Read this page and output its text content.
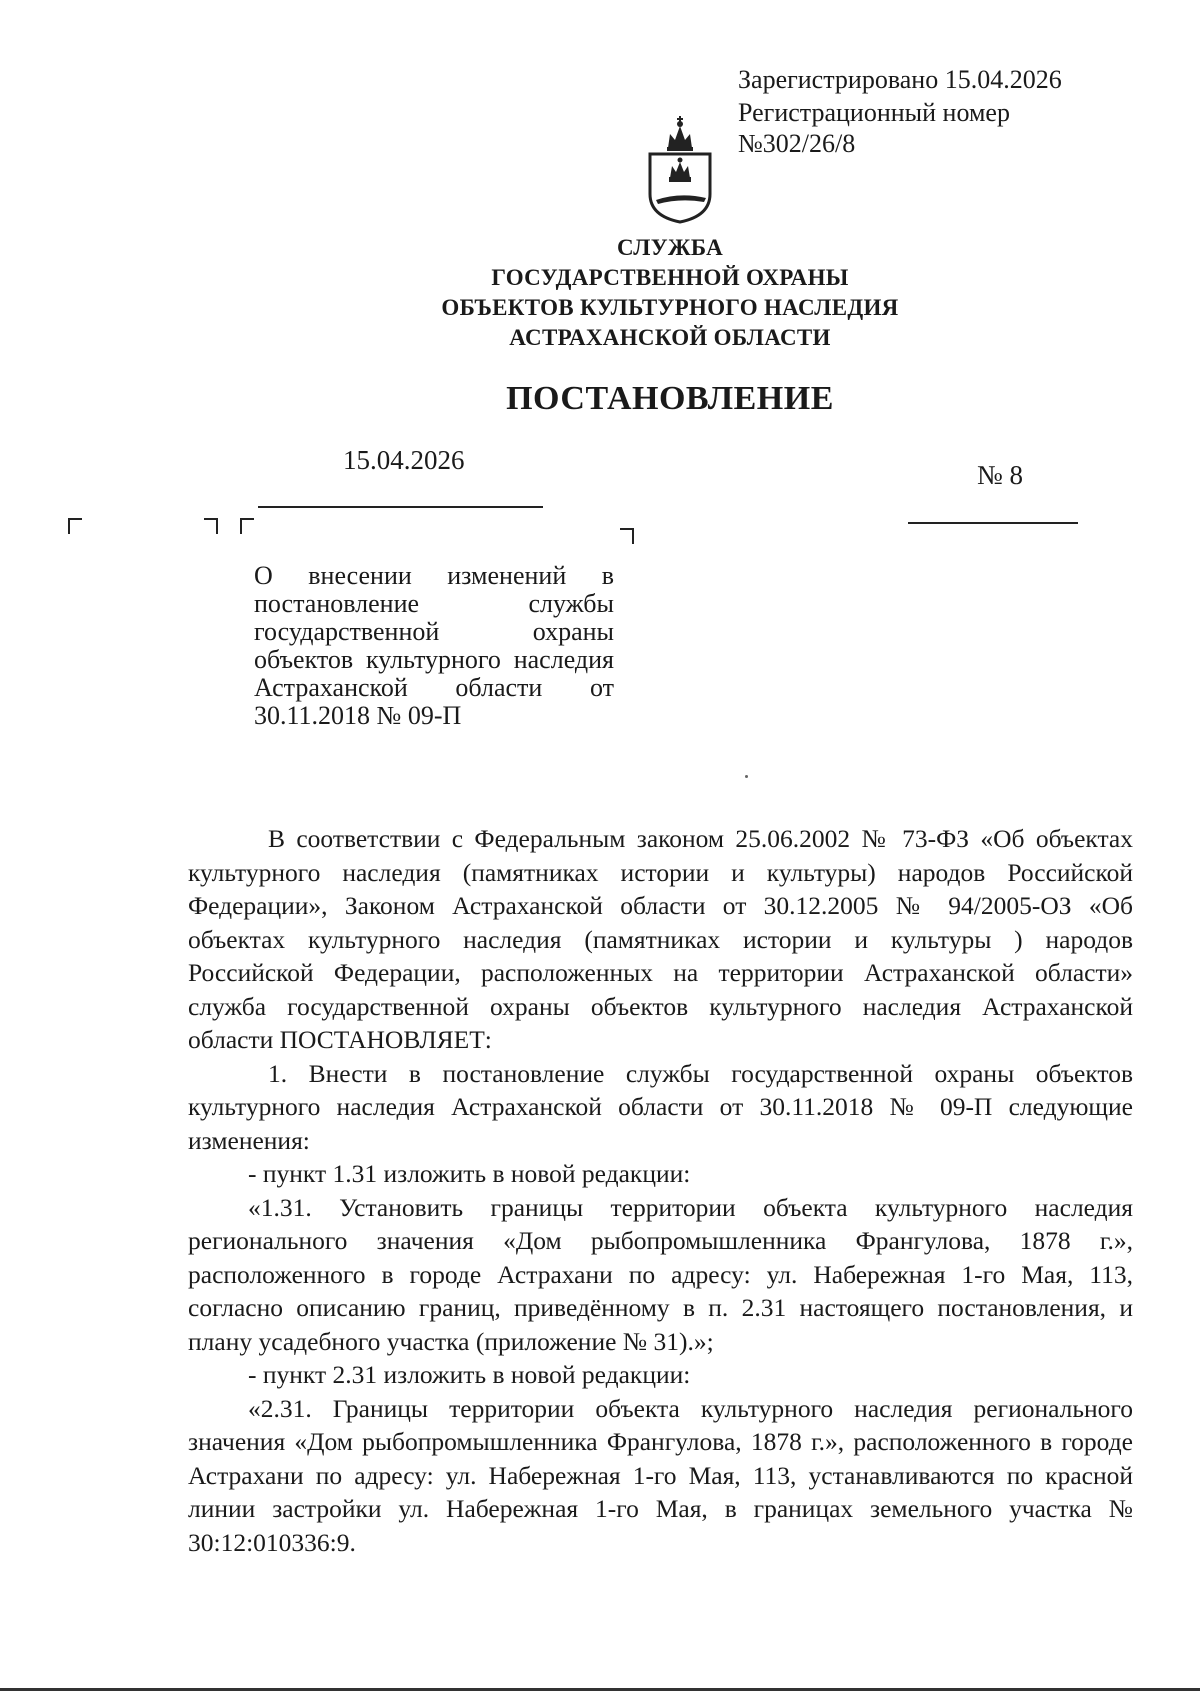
Зарегистрировано 15.04.2026
Регистрационный номер
№302/26/8
СЛУЖБА
ГОСУДАРСТВЕННОЙ ОХРАНЫ
ОБЪЕКТОВ КУЛЬТУРНОГО НАСЛЕДИЯ
АСТРАХАНСКОЙ ОБЛАСТИ
ПОСТАНОВЛЕНИЕ
15.04.2026	№ 8
О внесении изменений в постановление службы государственной охраны объектов культурного наследия Астраханской области от 30.11.2018 № 09-П

В соответствии с Федеральным законом 25.06.2002 № 73-ФЗ «Об объектах культурного наследия (памятниках истории и культуры) народов Российской Федерации», Законом Астраханской области от 30.12.2005 № 94/2005-ОЗ «Об объектах культурного наследия (памятниках истории и культуры ) народов Российской Федерации, расположенных на территории Астраханской области» служба государственной охраны объектов культурного наследия Астраханской области ПОСТАНОВЛЯЕТ:

1. Внести в постановление службы государственной охраны объектов культурного наследия Астраханской области от 30.11.2018 № 09-П следующие изменения:

- пункт 1.31 изложить в новой редакции:

«1.31. Установить границы территории объекта культурного наследия регионального значения «Дом рыбопромышленника Франгулова, 1878 г.», расположенного в городе Астрахани по адресу: ул. Набережная 1-го Мая, 113, согласно описанию границ, приведённому в п. 2.31 настоящего постановления, и плану усадебного участка (приложение № 31).»;

- пункт 2.31 изложить в новой редакции:

«2.31. Границы территории объекта культурного наследия регионального значения «Дом рыбопромышленника Франгулова, 1878 г.», расположенного в городе Астрахани по адресу: ул. Набережная 1-го Мая, 113, устанавливаются по красной линии застройки ул. Набережная 1-го Мая, в границах земельного участка № 30:12:010336:9.
